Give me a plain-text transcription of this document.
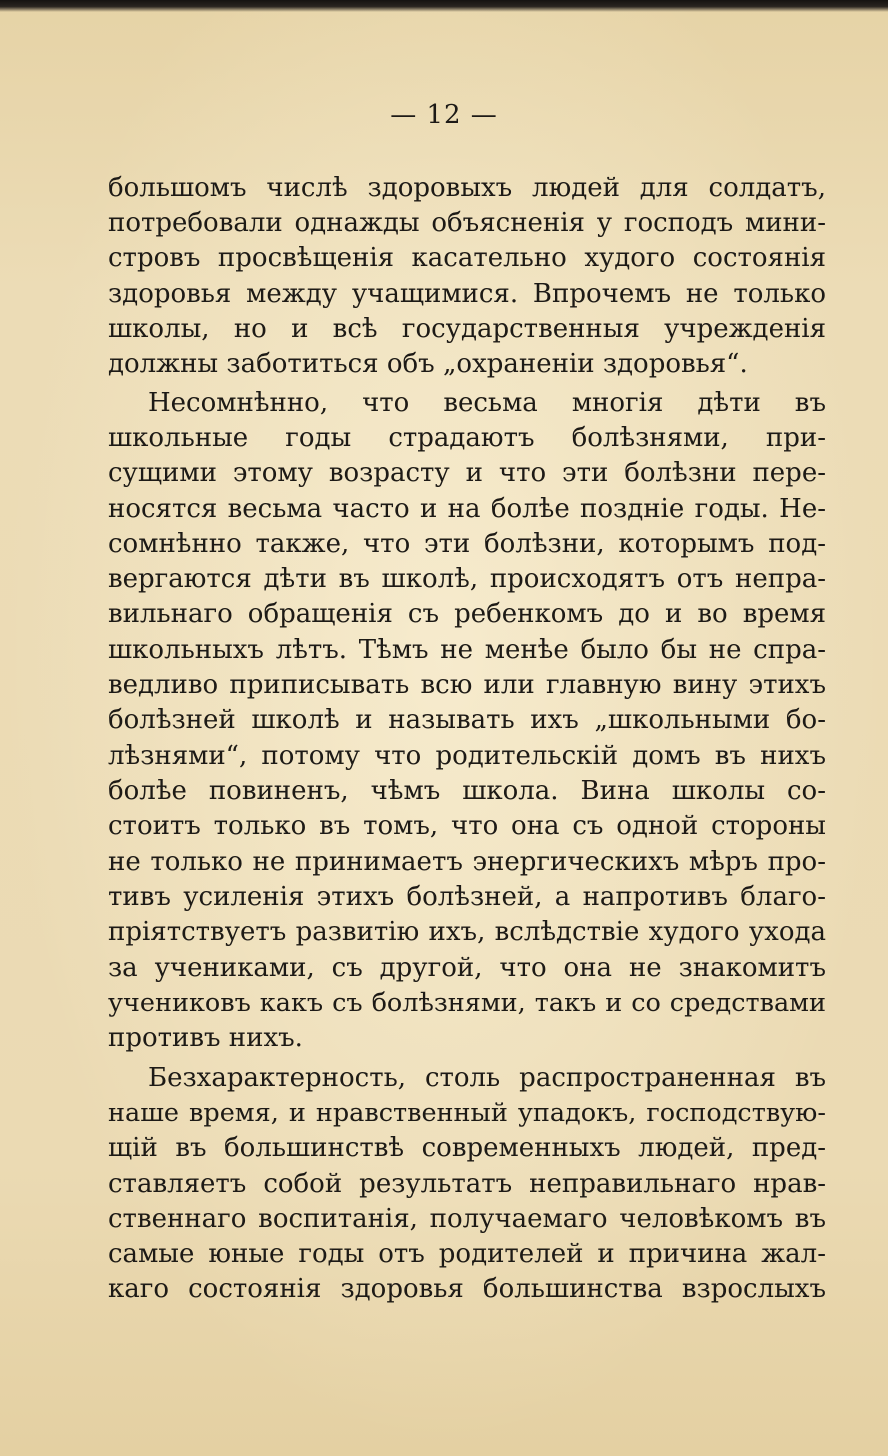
— 12 —
большомъ числѣ здоровыхъ людей для солдатъ,
потребовали однажды объясненія у господъ мини-
стровъ просвѣщенія касательно худого состоянія
здоровья между учащимися. Впрочемъ не только
школы, но и всѣ государственныя учрежденія
должны заботиться объ „охраненіи здоровья“.
Несомнѣнно, что весьма многія дѣти въ
школьные годы страдаютъ болѣзнями, при-
сущими этому возрасту и что эти болѣзни пере-
носятся весьма часто и на болѣе поздніе годы. Не-
сомнѣнно также, что эти болѣзни, которымъ под-
вергаются дѣти въ школѣ, происходятъ отъ непра-
вильнаго обращенія съ ребенкомъ до и во время
школьныхъ лѣтъ. Тѣмъ не менѣе было бы не спра-
ведливо приписывать всю или главную вину этихъ
болѣзней школѣ и называть ихъ „школьными бо-
лѣзнями“, потому что родительскій домъ въ нихъ
болѣе повиненъ, чѣмъ школа. Вина школы со-
стоитъ только въ томъ, что она съ одной стороны
не только не принимаетъ энергическихъ мѣръ про-
тивъ усиленія этихъ болѣзней, а напротивъ благо-
пріятствуетъ развитію ихъ, вслѣдствіе худого ухода
за учениками, съ другой, что она не знакомитъ
учениковъ какъ съ болѣзнями, такъ и со средствами
противъ нихъ.
Безхарактерность, столь распространенная въ
наше время, и нравственный упадокъ, господствую-
щій въ большинствѣ современныхъ людей, пред-
ставляетъ собой результатъ неправильнаго нрав-
ственнаго воспитанія, получаемаго человѣкомъ въ
самые юные годы отъ родителей и причина жал-
каго состоянія здоровья большинства взрослыхъ
